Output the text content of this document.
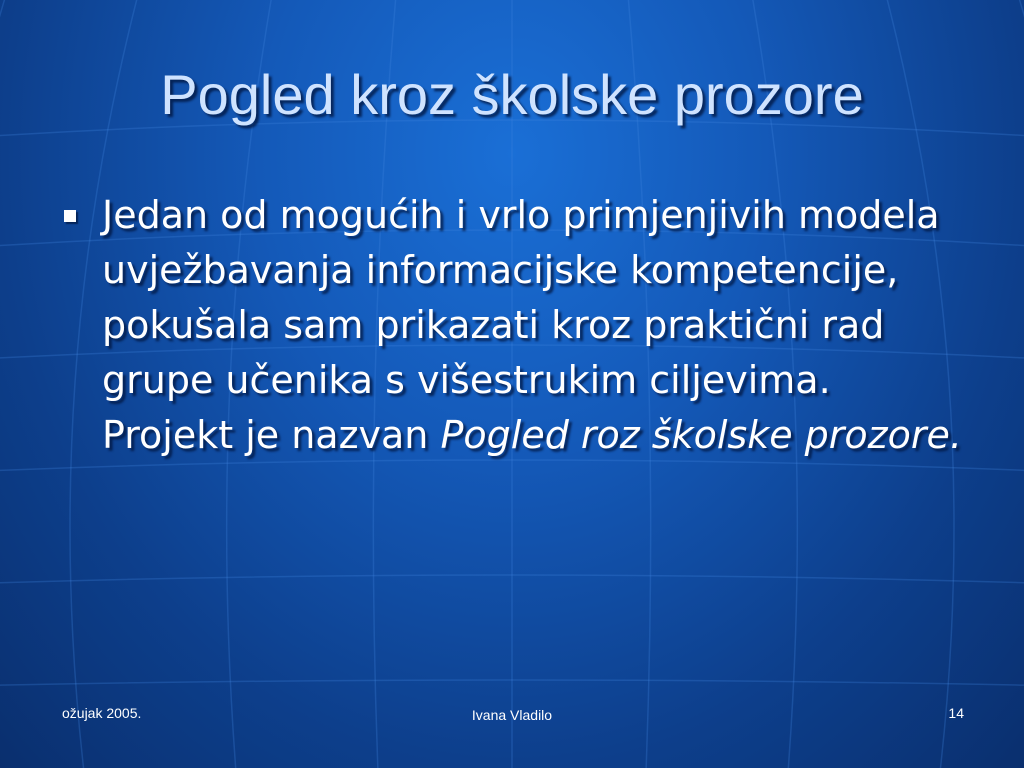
Pogled kroz školske prozore
Jedan od mogućih i vrlo primjenjivih modela uvježbavanja informacijske kompetencije, pokušala sam prikazati kroz praktični rad grupe učenika s višestrukim ciljevima. Projekt je nazvan Pogled roz školske prozore.
ožujak 2005.	Ivana Vladilo	14
